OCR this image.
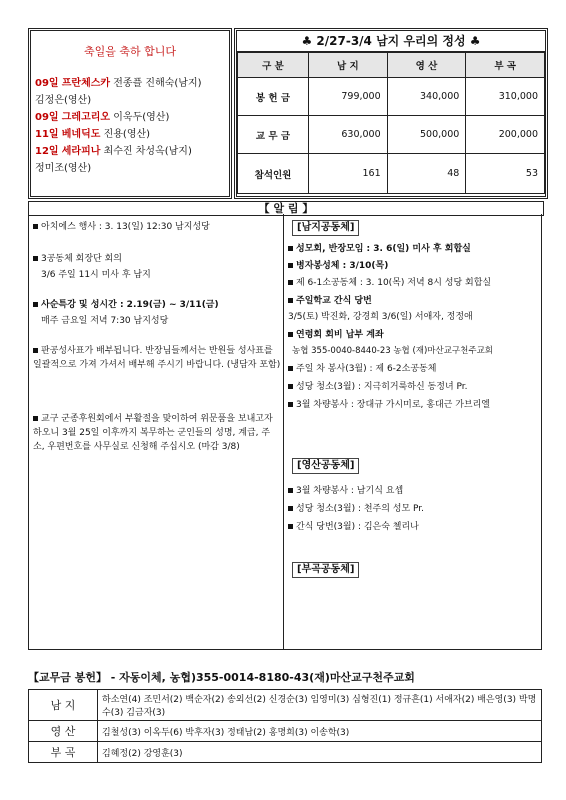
축일을 축하 합니다
09일 프란체스카 전종플 진해숙(남지)
김정은(영산)
09일 그레고리오 이욱두(영산)
11일 베네딕도 진용(영산)
12일 세라피나 최수진 차성옥(남지)
정미조(영산)
♣ 2/27-3/4 남지 우리의 정성 ♣
구 분	남 지	영 산	부 곡
봉 헌 금	799,000	340,000	310,000
교 무 금	630,000	500,000	200,000
참석인원	161	48	53
【 알 림 】
아치에스 행사 : 3. 13(일) 12:30 남지성당
3공동체 회장단 회의
3/6 주일 11시 미사 후 남지
사순특강 및 성시간 : 2.19(금) ~ 3/11(금)
매주 금요일 저녁 7:30 남지성당
판공성사표가 배부됩니다. 반장님들께서는 반원들 성사표를 일괄적으로 가져 가셔서 배부해 주시기 바랍니다. (냉담자 포함)
교구 군종후원회에서 부활절을 맞이하여 위문품을 보내고자하오니 3월 25일 이후까지 복무하는 군인들의 성명, 계급, 주소, 우편번호를 사무실로 신청해 주십시오 (마감 3/8)
[남지공동체]
성모회, 반장모임 : 3. 6(일) 미사 후 회합실
병자봉성체 : 3/10(목)
제 6-1소공동체 : 3. 10(목) 저녁 8시 성당 회합실
주일학교 간식 당번
3/5(토) 박진화, 강경희 3/6(일) 서애자, 정정애
연령회 회비 납부 계좌
농협 355-0040-8440-23 농협 (재)마산교구천주교회
주일 차 봉사(3월) : 제 6-2소공동체
성당 청소(3월) : 지극히거룩하신 동정녀 Pr.
3월 차량봉사 : 장대규 가시미로, 홍대근 가브리엘
[영산공동체]
3월 차량봉사 : 남기식 요셉
성당 청소(3월) : 천주의 성모 Pr.
간식 당번(3월) : 김은숙 첼리나
[부곡공동체]
【교무금 봉헌】 - 자동이체, 농협)355-0014-8180-43(재)마산교구천주교회
남 지	하소연(4) 조민서(2) 백순자(2) 송외선(2) 신경순(3) 임영미(3) 심형진(1) 정규흔(1) 서애자(2) 배은영(3) 박명수(3) 김금자(3)
영 산	김철성(3) 이옥두(6) 박후자(3) 정태남(2) 홍명희(3) 이송학(3)
부 곡	김혜정(2) 강영훈(3)
